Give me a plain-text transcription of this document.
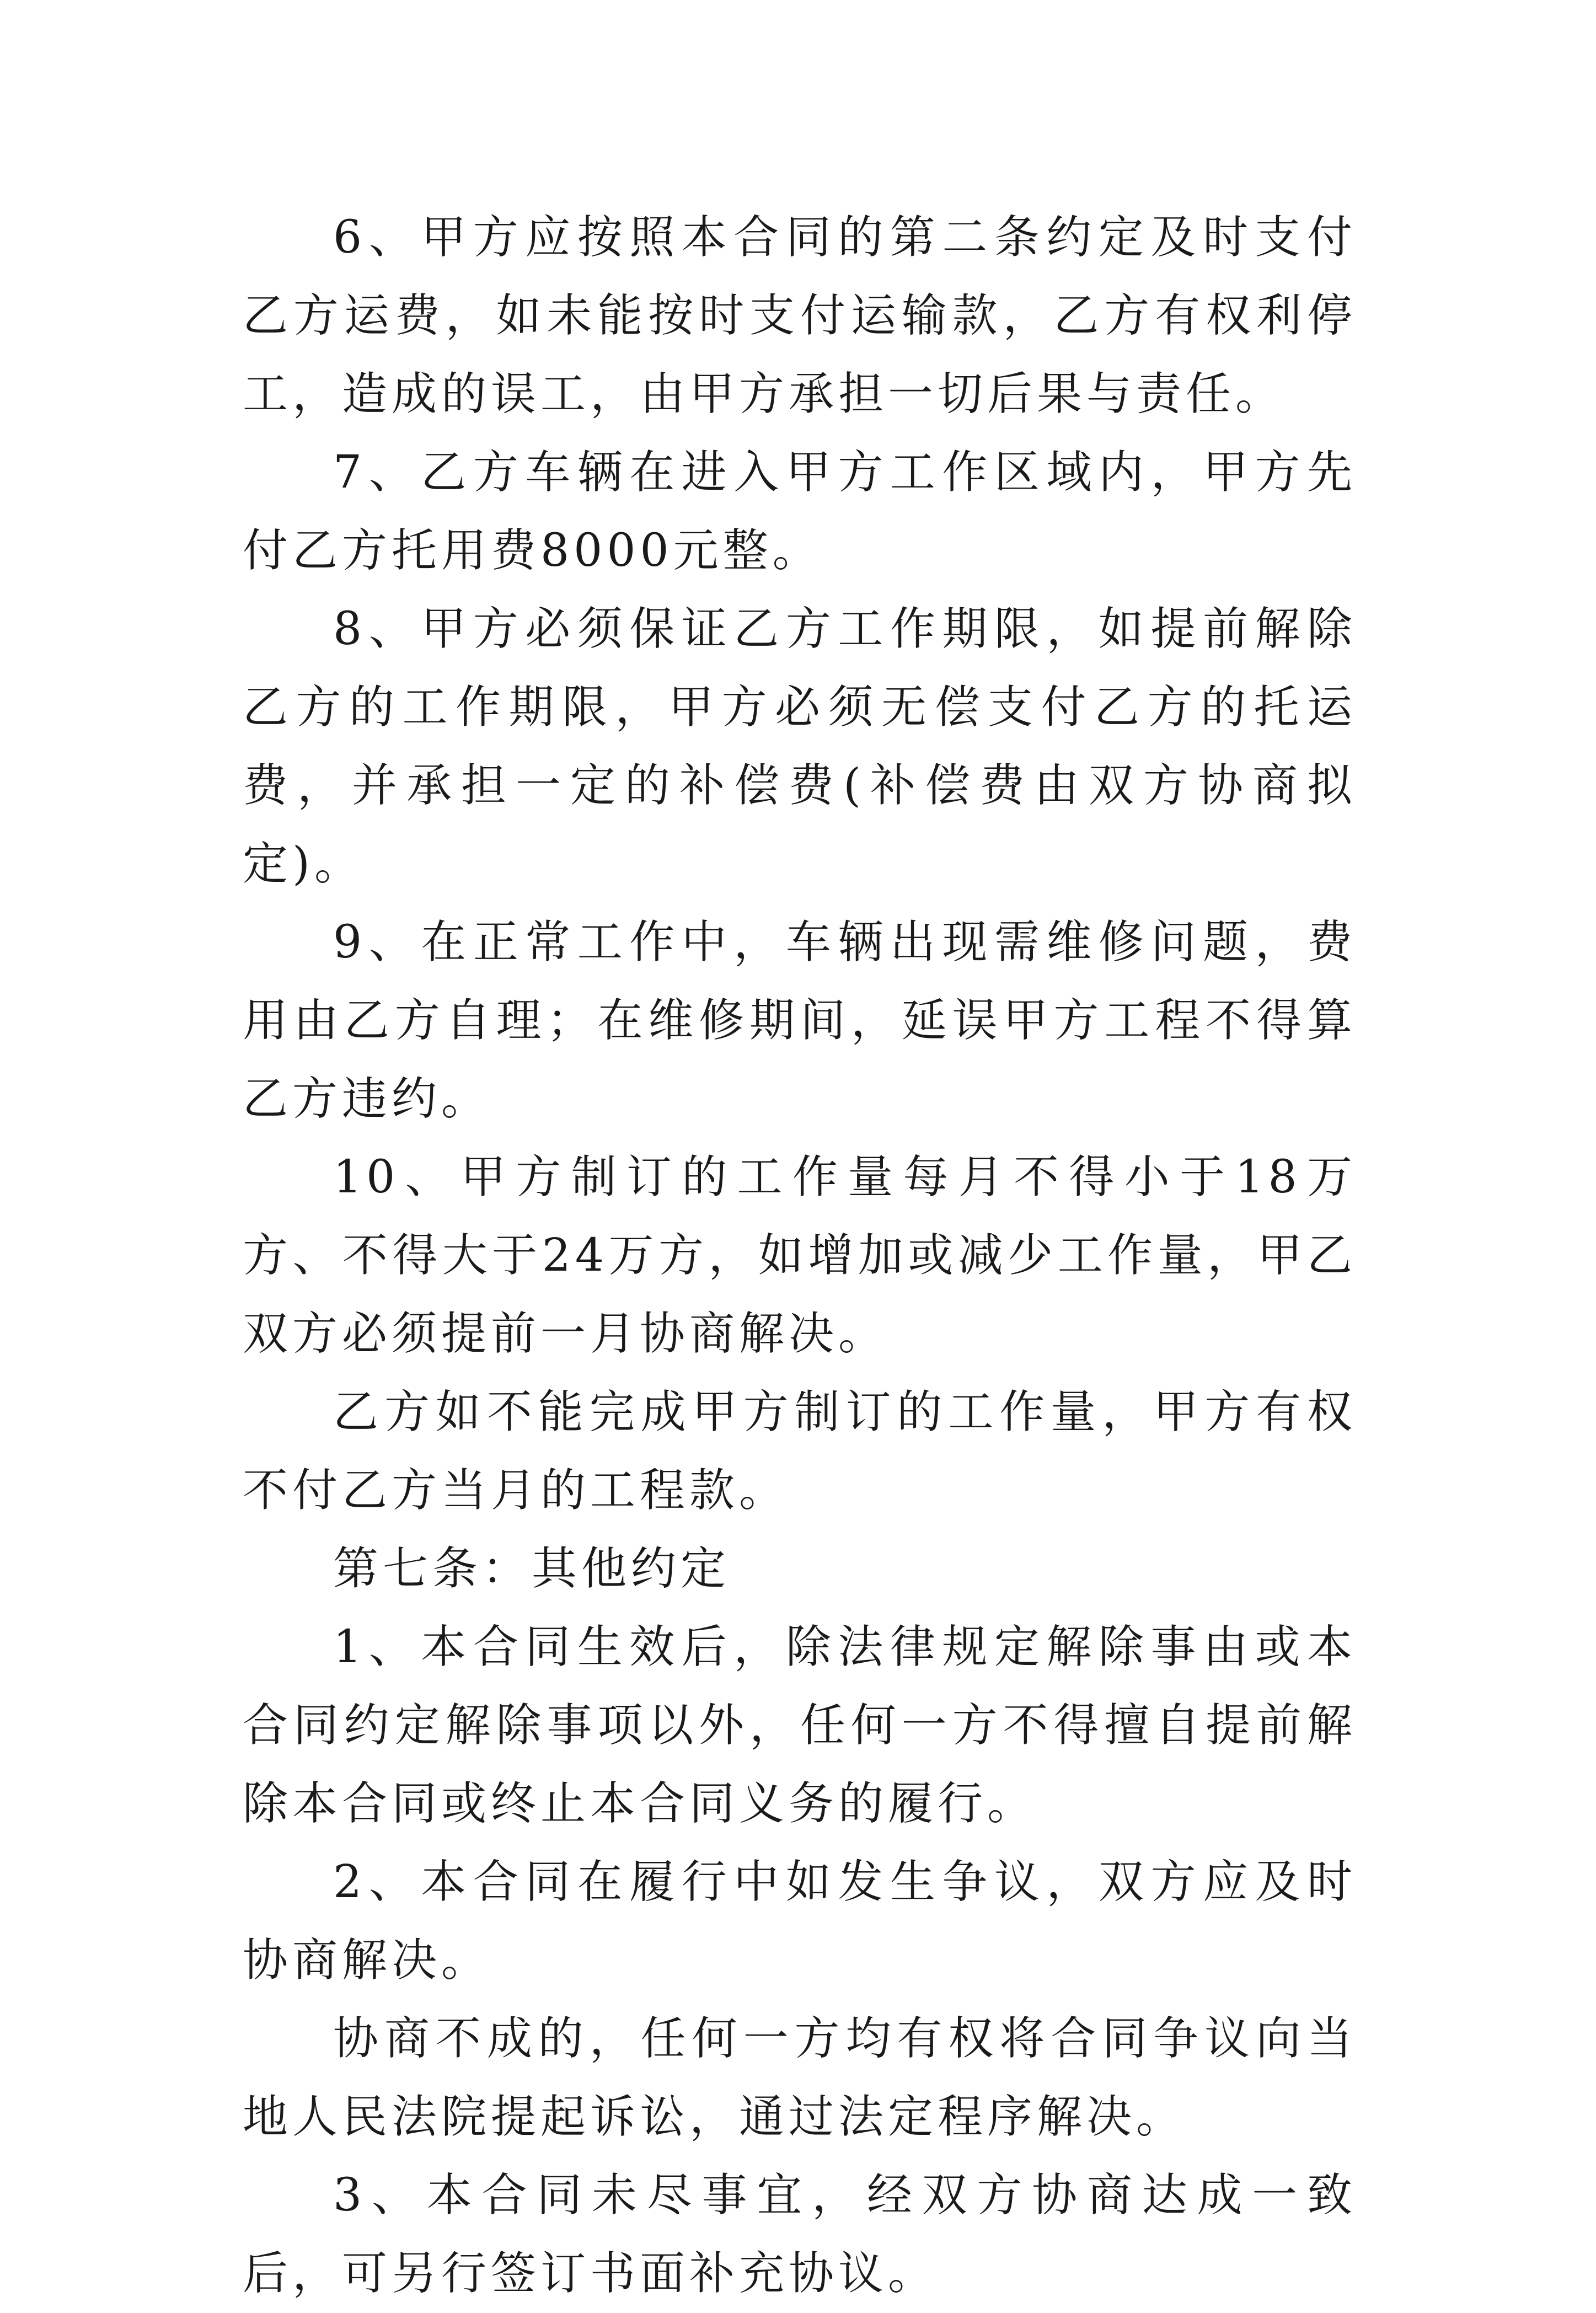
6、甲方应按照本合同的第二条约定及时支付乙方运费，如未能按时支付运输款，乙方有权利停工，造成的误工，由甲方承担一切后果与责任。

7、乙方车辆在进入甲方工作区域内，甲方先付乙方托用费8000元整。

8、甲方必须保证乙方工作期限，如提前解除乙方的工作期限，甲方必须无偿支付乙方的托运费，并承担一定的补偿费(补偿费由双方协商拟定)。

9、在正常工作中，车辆出现需维修问题，费用由乙方自理；在维修期间，延误甲方工程不得算乙方违约。

10、甲方制订的工作量每月不得小于18万方、不得大于24万方，如增加或减少工作量，甲乙双方必须提前一月协商解决。

乙方如不能完成甲方制订的工作量，甲方有权不付乙方当月的工程款。

第七条：其他约定

1、本合同生效后，除法律规定解除事由或本合同约定解除事项以外，任何一方不得擅自提前解除本合同或终止本合同义务的履行。

2、本合同在履行中如发生争议，双方应及时协商解决。

协商不成的，任何一方均有权将合同争议向当地人民法院提起诉讼，通过法定程序解决。

3、本合同未尽事宜，经双方协商达成一致后，可另行签订书面补充协议。
